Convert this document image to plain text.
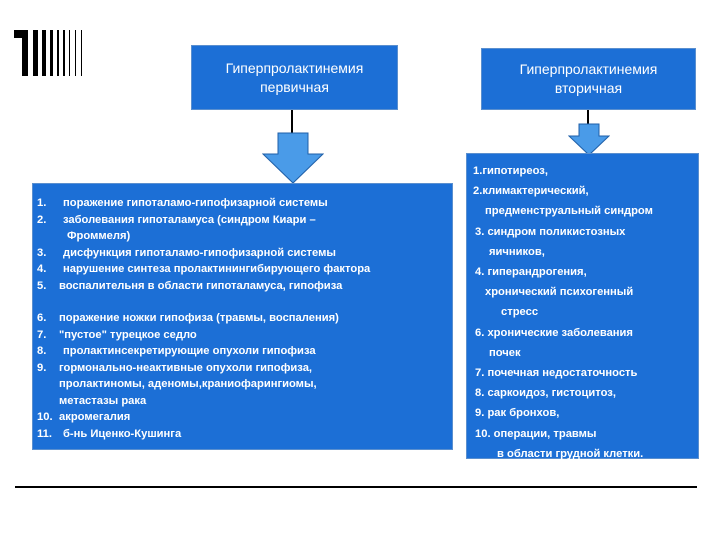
Гиперпролактинемия первичная
Гиперпролактинемия вторичная
1. поражение гипоталамо-гипофизарной системы
2. заболевания гипоталамуса (синдром Киари –
Фроммеля)
3. дисфункция гипоталамо-гипофизарной системы
4. нарушение синтеза пролактинингибирующего фактора
5. воспалительня в области гипоталамуса, гипофиза
6. поражение ножки гипофиза (травмы, воспаления)
7. "пустое" турецкое седло
8. пролактинсекретирующие опухоли гипофиза
9. гормонально-неактивные опухоли гипофиза,
пролактиномы, аденомы,краниофарингиомы,
метастазы рака
10. акромегалия
11. б-нь Иценко-Кушинга
1.гипотиреоз,
2.климактерический,
предменструальный синдром
3. синдром поликистозных
яичников,
4. гиперандрогения,
хронический психогенный
стресс
6. хронические заболевания
почек
7. почечная недостаточность
8. саркоидоз, гистоцитоз,
9. рак бронхов,
10. операции, травмы
в области грудной клетки.
